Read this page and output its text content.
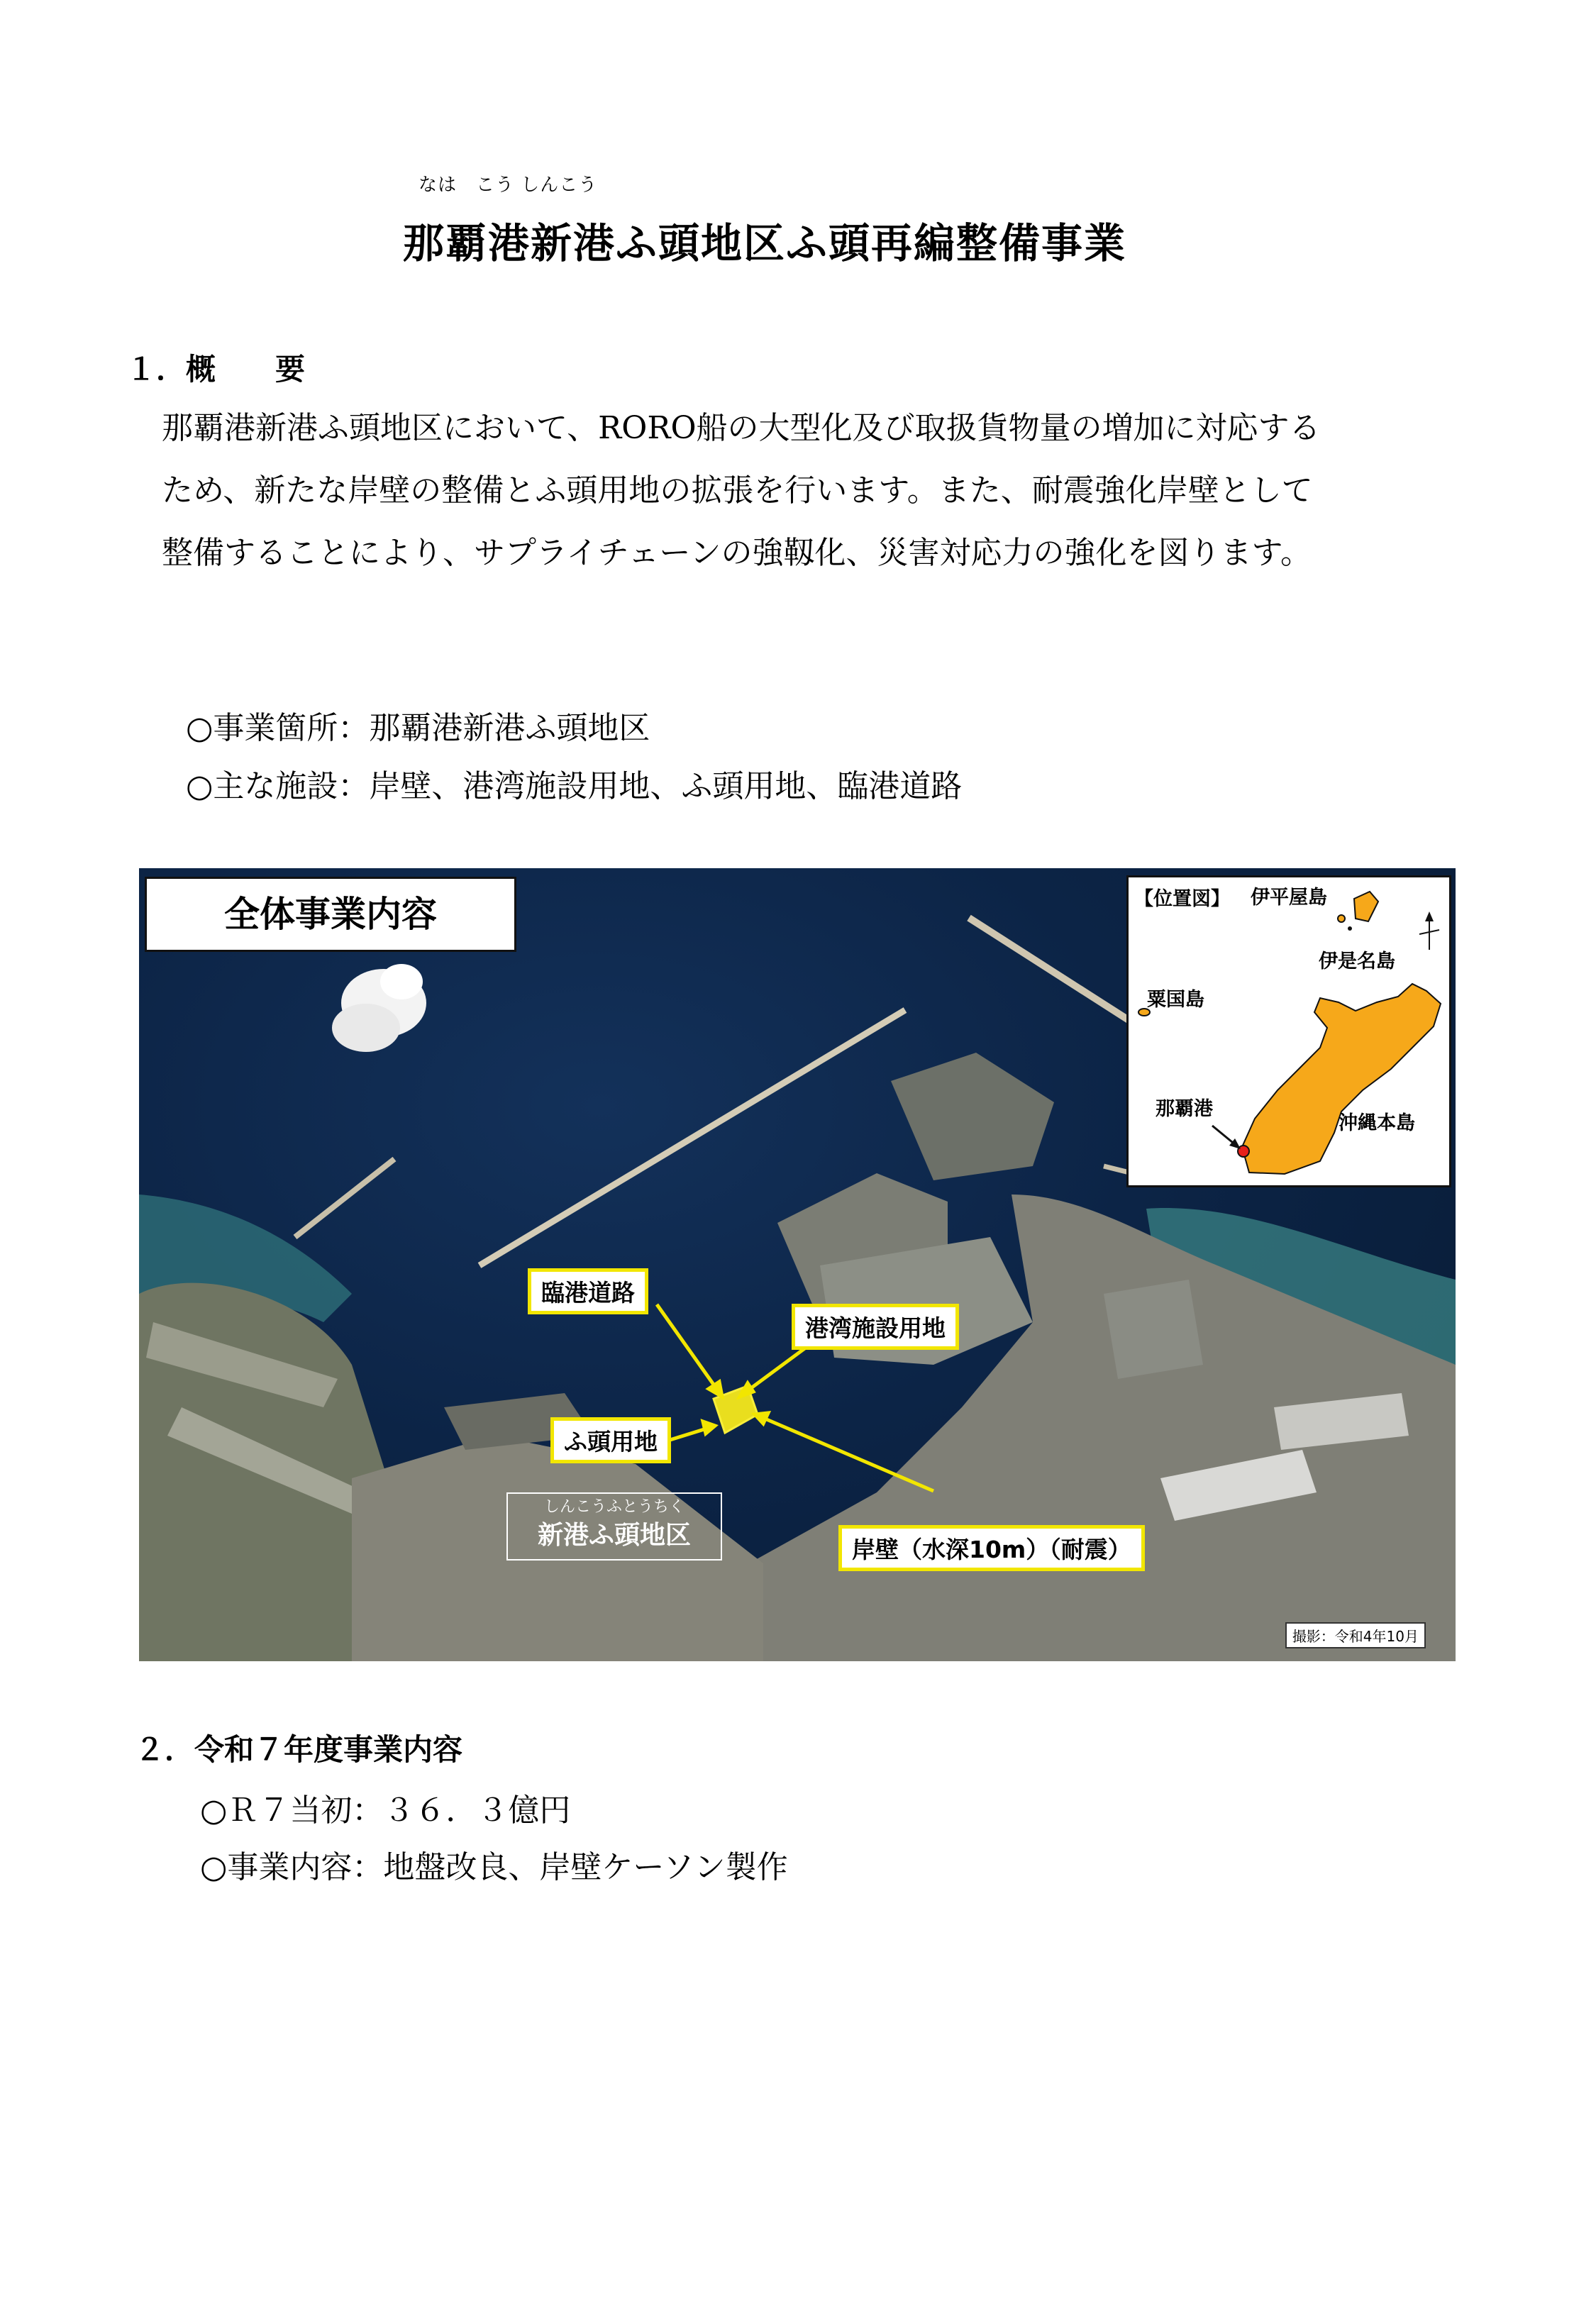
なは　こう しんこう
那覇港新港ふ頭地区ふ頭再編整備事業
１．概　　要
那覇港新港ふ頭地区において、RORO船の大型化及び取扱貨物量の増加に対応する
ため、新たな岸壁の整備とふ頭用地の拡張を行います。また、耐震強化岸壁として
整備することにより、サプライチェーンの強靱化、災害対応力の強化を図ります。
○事業箇所：那覇港新港ふ頭地区
○主な施設：岸壁、港湾施設用地、ふ頭用地、臨港道路
全体事業内容
臨港道路
港湾施設用地
ふ頭用地
岸壁（水深10m）（耐震）
しんこうふとうちく
新港ふ頭地区
撮影：令和4年10月
【位置図】 伊平屋島
伊是名島
粟国島
那覇港
沖縄本島
２．令和７年度事業内容
○Ｒ７当初：３６．３億円
○事業内容：地盤改良、岸壁ケーソン製作
